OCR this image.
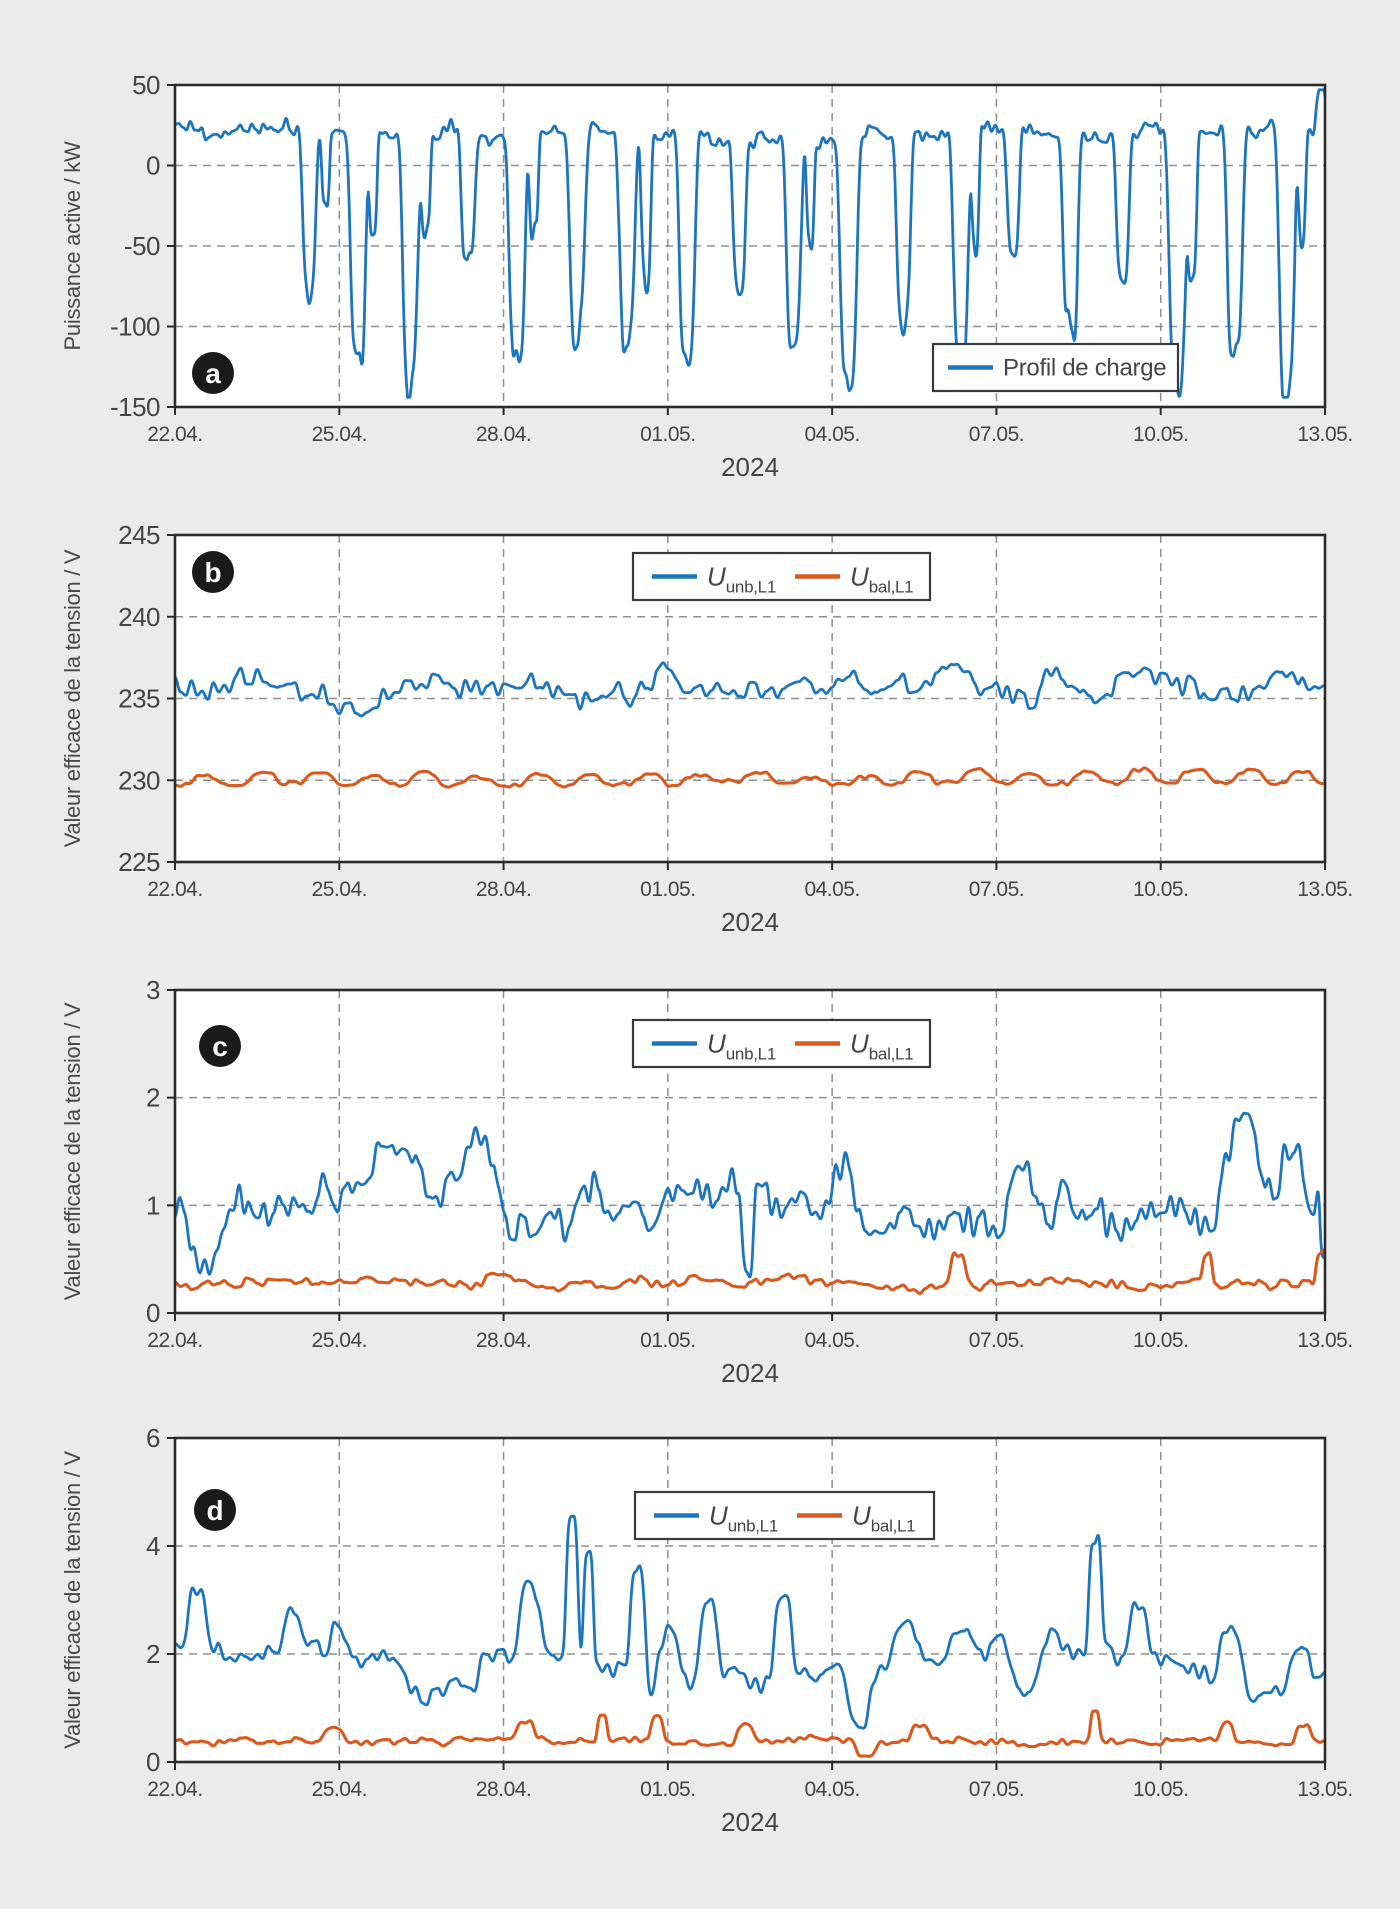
50
0
-50
-100
-150
22.04.	25.04.	28.04.	01.05.	04.05.	07.05.	10.05.	13.05.
2024
Puissance active / kW
a	Profil de charge
245
240
235
230
225
22.04.	25.04.	28.04.	01.05.	04.05.	07.05.	10.05.	13.05.
2024
Valeur efficace de la tension / V	b	$U_{unb,L1}$	$U_{bal,L1}$
3
2
1
0
22.04.	25.04.	28.04.	01.05.	04.05.	07.05.	10.05.	13.05.
2024
Valeur efficace de la tension / V	c	$U_{unb,L1}$	$U_{bal,L1}$
6
4
2
0
22.04.	25.04.	28.04.	01.05.	04.05.	07.05.	10.05.	13.05.
2024
Valeur efficace de la tension / V	d	$U_{unb,L1}$	$U_{bal,L1}$
